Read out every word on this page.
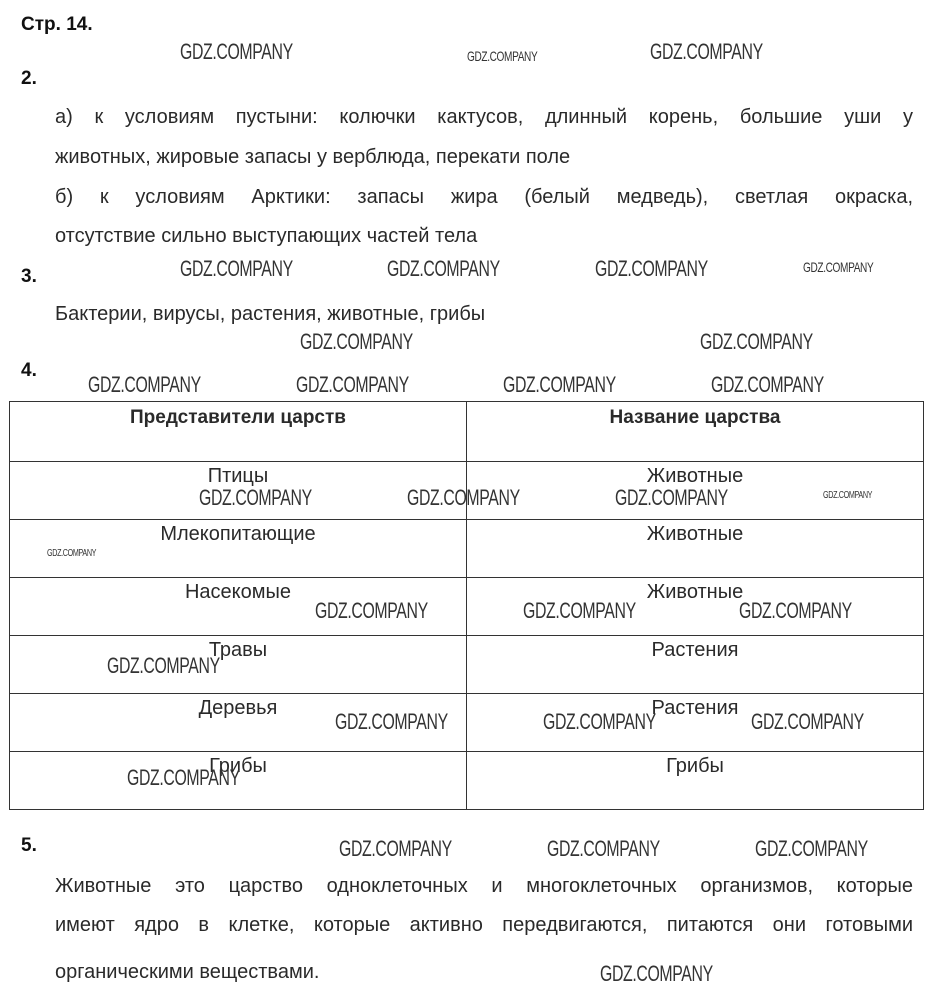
Стр. 14.
2.
а) к условиям пустыни: колючки кактусов, длинный корень, большие уши у
животных, жировые запасы у верблюда, перекати поле
б) к условиям Арктики: запасы жира (белый медведь), светлая окраска,
отсутствие сильно выступающих частей тела
3.
Бактерии, вирусы, растения, животные, грибы
4.
Представители царств	Название царства
Птицы	Животные
Млекопитающие	Животные
Насекомые	Животные
Травы	Растения
Деревья	Растения
Грибы	Грибы
5.
Животные это царство одноклеточных и многоклеточных организмов, которые
имеют ядро в клетке, которые активно передвигаются, питаются они готовыми
органическими веществами.
GDZ.COMPANY
GDZ.COMPANY	GDZ.COMPANY
GDZ.COMPANY	GDZ.COMPANY
GDZ.COMPANY	GDZ.COMPANY	GDZ.COMPANY	GDZ.COMPANY
GDZ.COMPANY	GDZ.COMPANY	GDZ.COMPANY	GDZ.COMPANY
GDZ.COMPANY	GDZ.COMPANY	GDZ.COMPANY	GDZ.COMPANY
GDZ.COMPANY
GDZ.COMPANY	GDZ.COMPANY	GDZ.COMPANY
GDZ.COMPANY
GDZ.COMPANY	GDZ.COMPANY	GDZ.COMPANY
GDZ.COMPANY
GDZ.COMPANY	GDZ.COMPANY	GDZ.COMPANY
GDZ.COMPANY
